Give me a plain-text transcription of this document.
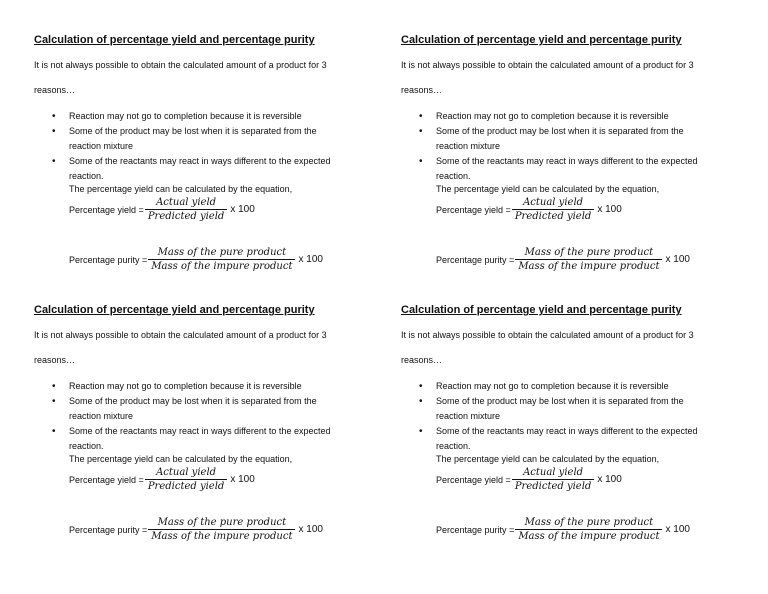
Calculation of percentage yield and percentage purity
It is not always possible to obtain the calculated amount of a product for 3
reasons…
• Reaction may not go to completion because it is reversible
• Some of the product may be lost when it is separated from the
reaction mixture
• Some of the reactants may react in ways different to the expected
reaction.
The percentage yield can be calculated by the equation,
Percentage yield = $\frac{\text{Actual yield}}{\text{Predicted yield}}$ x 100
Percentage purity = $\frac{\text{Mass of the pure product}}{\text{Mass of the impure product}}$ x 100
Calculation of percentage yield and percentage purity
It is not always possible to obtain the calculated amount of a product for 3
reasons…
• Reaction may not go to completion because it is reversible
• Some of the product may be lost when it is separated from the
reaction mixture
• Some of the reactants may react in ways different to the expected
reaction.
The percentage yield can be calculated by the equation,
Percentage yield = $\frac{\text{Actual yield}}{\text{Predicted yield}}$ x 100
Percentage purity = $\frac{\text{Mass of the pure product}}{\text{Mass of the impure product}}$ x 100
Calculation of percentage yield and percentage purity
It is not always possible to obtain the calculated amount of a product for 3
reasons…
• Reaction may not go to completion because it is reversible
• Some of the product may be lost when it is separated from the
reaction mixture
• Some of the reactants may react in ways different to the expected
reaction.
The percentage yield can be calculated by the equation,
Percentage yield = $\frac{\text{Actual yield}}{\text{Predicted yield}}$ x 100
Percentage purity = $\frac{\text{Mass of the pure product}}{\text{Mass of the impure product}}$ x 100
Calculation of percentage yield and percentage purity
It is not always possible to obtain the calculated amount of a product for 3
reasons…
• Reaction may not go to completion because it is reversible
• Some of the product may be lost when it is separated from the
reaction mixture
• Some of the reactants may react in ways different to the expected
reaction.
The percentage yield can be calculated by the equation,
Percentage yield = $\frac{\text{Actual yield}}{\text{Predicted yield}}$ x 100
Percentage purity = $\frac{\text{Mass of the pure product}}{\text{Mass of the impure product}}$ x 100
